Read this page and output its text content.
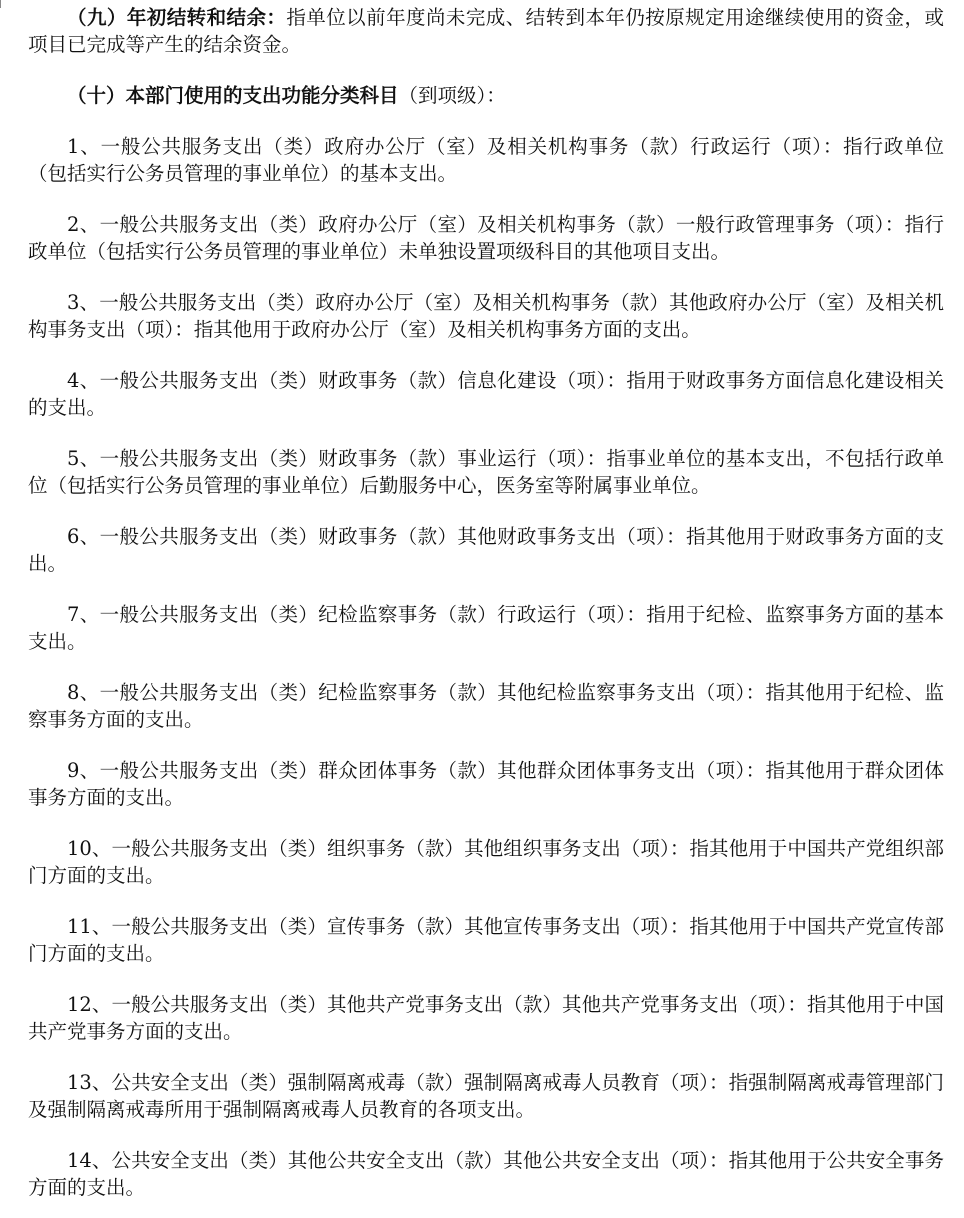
（九）年初结转和结余：指单位以前年度尚未完成、结转到本年仍按原规定用途继续使用的资金，或项目已完成等产生的结余资金。

（十）本部门使用的支出功能分类科目（到项级）：

1、一般公共服务支出（类）政府办公厅（室）及相关机构事务（款）行政运行（项）：指行政单位（包括实行公务员管理的事业单位）的基本支出。

2、一般公共服务支出（类）政府办公厅（室）及相关机构事务（款）一般行政管理事务（项）：指行政单位（包括实行公务员管理的事业单位）未单独设置项级科目的其他项目支出。

3、一般公共服务支出（类）政府办公厅（室）及相关机构事务（款）其他政府办公厅（室）及相关机构事务支出（项）：指其他用于政府办公厅（室）及相关机构事务方面的支出。

4、一般公共服务支出（类）财政事务（款）信息化建设（项）：指用于财政事务方面信息化建设相关的支出。

5、一般公共服务支出（类）财政事务（款）事业运行（项）：指事业单位的基本支出，不包括行政单位（包括实行公务员管理的事业单位）后勤服务中心，医务室等附属事业单位。

6、一般公共服务支出（类）财政事务（款）其他财政事务支出（项）：指其他用于财政事务方面的支出。

7、一般公共服务支出（类）纪检监察事务（款）行政运行（项）：指用于纪检、监察事务方面的基本支出。

8、一般公共服务支出（类）纪检监察事务（款）其他纪检监察事务支出（项）：指其他用于纪检、监察事务方面的支出。

9、一般公共服务支出（类）群众团体事务（款）其他群众团体事务支出（项）：指其他用于群众团体事务方面的支出。

10、一般公共服务支出（类）组织事务（款）其他组织事务支出（项）：指其他用于中国共产党组织部门方面的支出。

11、一般公共服务支出（类）宣传事务（款）其他宣传事务支出（项）：指其他用于中国共产党宣传部门方面的支出。

12、一般公共服务支出（类）其他共产党事务支出（款）其他共产党事务支出（项）：指其他用于中国共产党事务方面的支出。

13、公共安全支出（类）强制隔离戒毒（款）强制隔离戒毒人员教育（项）：指强制隔离戒毒管理部门及强制隔离戒毒所用于强制隔离戒毒人员教育的各项支出。

14、公共安全支出（类）其他公共安全支出（款）其他公共安全支出（项）：指其他用于公共安全事务方面的支出。
